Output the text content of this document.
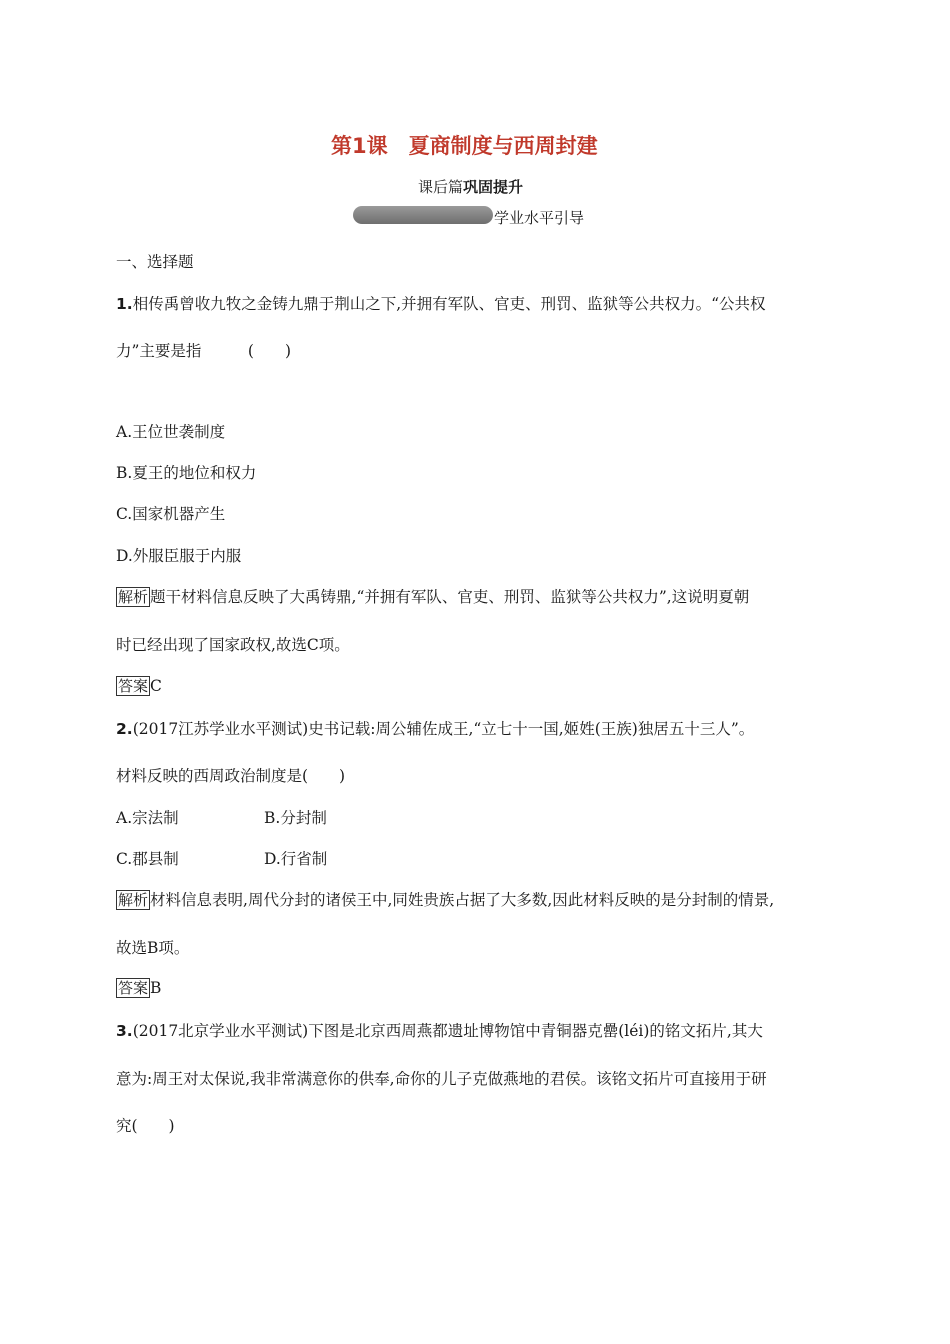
第1课　夏商制度与西周封建
课后篇巩固提升
学业水平引导
一、选择题
1.相传禹曾收九牧之金铸九鼎于荆山之下,并拥有军队、官吏、刑罚、监狱等公共权力。“公共权
力”主要是指　　　(　　)
A.王位世袭制度
B.夏王的地位和权力
C.国家机器产生
D.外服臣服于内服
解析 题干材料信息反映了大禹铸鼎,“并拥有军队、官吏、刑罚、监狱等公共权力”,这说明夏朝
时已经出现了国家政权,故选C项。
答案 C
2.(2017江苏学业水平测试)史书记载:周公辅佐成王,“立七十一国,姬姓(王族)独居五十三人”。
材料反映的西周政治制度是(　　)
A.宗法制	B.分封制
C.郡县制	D.行省制
解析 材料信息表明,周代分封的诸侯王中,同姓贵族占据了大多数,因此材料反映的是分封制的情景,
故选B项。
答案 B
3.(2017北京学业水平测试)下图是北京西周燕都遗址博物馆中青铜器克罍(léi)的铭文拓片,其大
意为:周王对太保说,我非常满意你的供奉,命你的儿子克做燕地的君侯。该铭文拓片可直接用于研
究(　　)
